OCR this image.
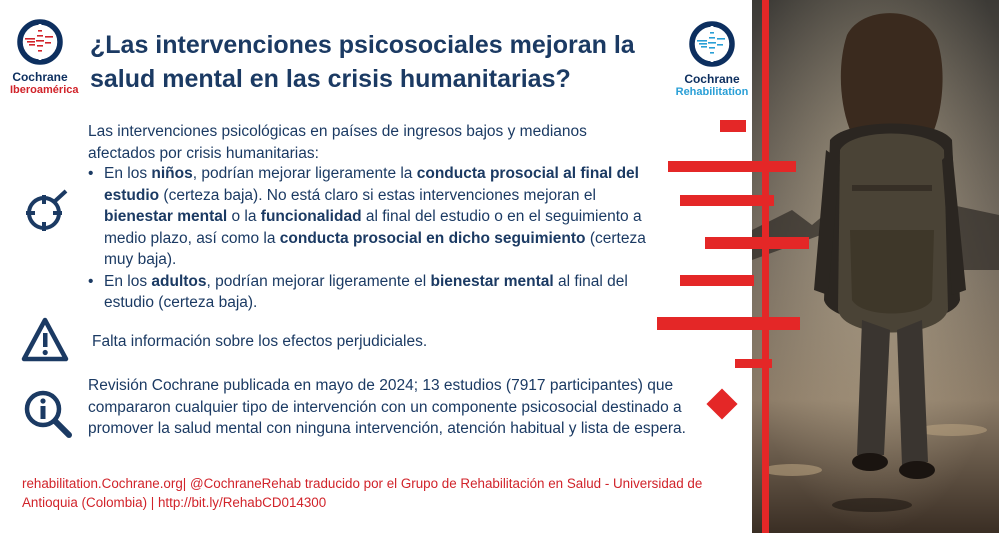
Cochrane
Iberoamérica
¿Las intervenciones psicosociales mejoran la salud mental en las crisis humanitarias?	Cochrane
Rehabilitation
Las intervenciones psicológicas en países de ingresos bajos y medianos afectados por crisis humanitarias:
• En los niños, podrían mejorar ligeramente la conducta prosocial al final del estudio (certeza baja). No está claro si estas intervenciones mejoran el bienestar mental o la funcionalidad al final del estudio o en el seguimiento a medio plazo, así como la conducta prosocial en dicho seguimiento (certeza muy baja).
• En los adultos, podrían mejorar ligeramente el bienestar mental al final del estudio (certeza baja).
Falta información sobre los efectos perjudiciales.
Revisión Cochrane publicada en mayo de 2024; 13 estudios (7917 participantes) que compararon cualquier tipo de intervención con un componente psicosocial destinado a promover la salud mental con ninguna intervención, atención habitual y lista de espera.
rehabilitation.Cochrane.org| @CochraneRehab traducido por el Grupo de Rehabilitación en Salud - Universidad de Antioquia (Colombia) | http://bit.ly/RehabCD014300
